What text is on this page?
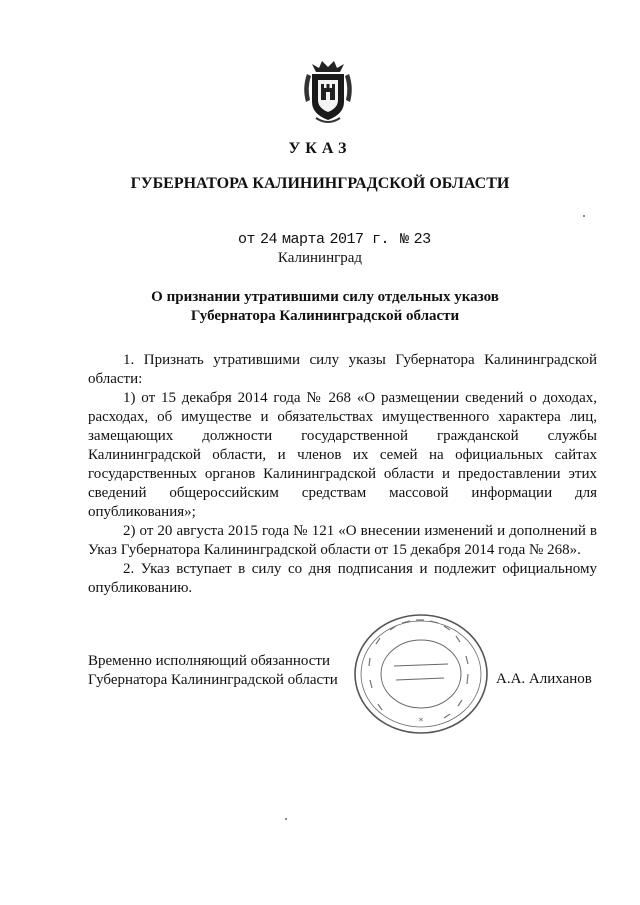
УКАЗ
ГУБЕРНАТОРА КАЛИНИНГРАДСКОЙ ОБЛАСТИ
от 24 марта 2017 г. № 23
Калининград
О признании утратившими силу отдельных указов
Губернатора Калининградской области

1. Признать утратившими силу указы Губернатора Калининградской области:

1) от 15 декабря 2014 года № 268 «О размещении сведений о доходах, расходах, об имуществе и обязательствах имущественного характера лиц, замещающих должности государственной гражданской службы Калининградской области, и членов их семей на официальных сайтах государственных органов Калининградской области и предоставлении этих сведений общероссийским средствам массовой информации для опубликования»;

2) от 20 августа 2015 года № 121 «О внесении изменений и дополнений в Указ Губернатора Калининградской области от 15 декабря 2014 года № 268».

2. Указ вступает в силу со дня подписания и подлежит официальному опубликованию.

Временно исполняющий обязанности
Губернатора Калининградской области
*
А.А. Алиханов
